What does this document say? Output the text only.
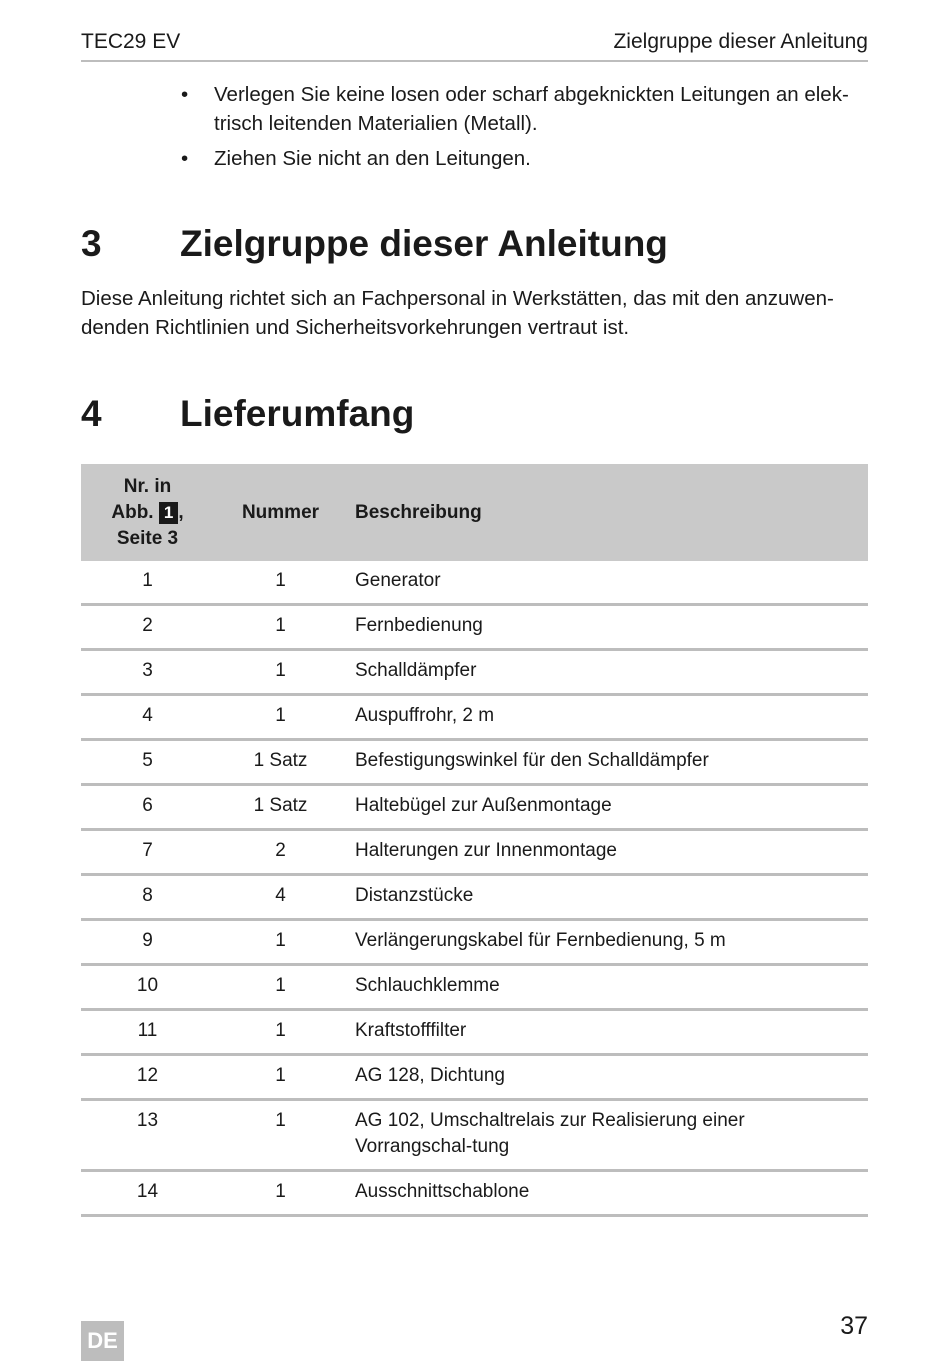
TEC29 EV	Zielgruppe dieser Anleitung
• Verlegen Sie keine losen oder scharf abgeknickten Leitungen an elek-trisch leitenden Materialien (Metall).
• Ziehen Sie nicht an den Leitungen.
3 Zielgruppe dieser Anleitung

Diese Anleitung richtet sich an Fachpersonal in Werkstätten, das mit den anzuwen-denden Richtlinien und Sicherheitsvorkehrungen vertraut ist.

4 Lieferumfang
Nr. in
Abb. 1 ,
Seite 3	Nummer	Beschreibung
1	1	Generator
2	1	Fernbedienung
3	1	Schalldämpfer
4	1	Auspuffrohr, 2 m
5	1 Satz	Befestigungswinkel für den Schalldämpfer
6	1 Satz	Haltebügel zur Außenmontage
7	2	Halterungen zur Innenmontage
8	4	Distanzstücke
9	1	Verlängerungskabel für Fernbedienung, 5 m
10	1	Schlauchklemme
11	1	Kraftstofffilter
12	1	AG 128, Dichtung
13	1	AG 102, Umschaltrelais zur Realisierung einer Vorrangschal-tung
14	1	Ausschnittschablone
DE
37
